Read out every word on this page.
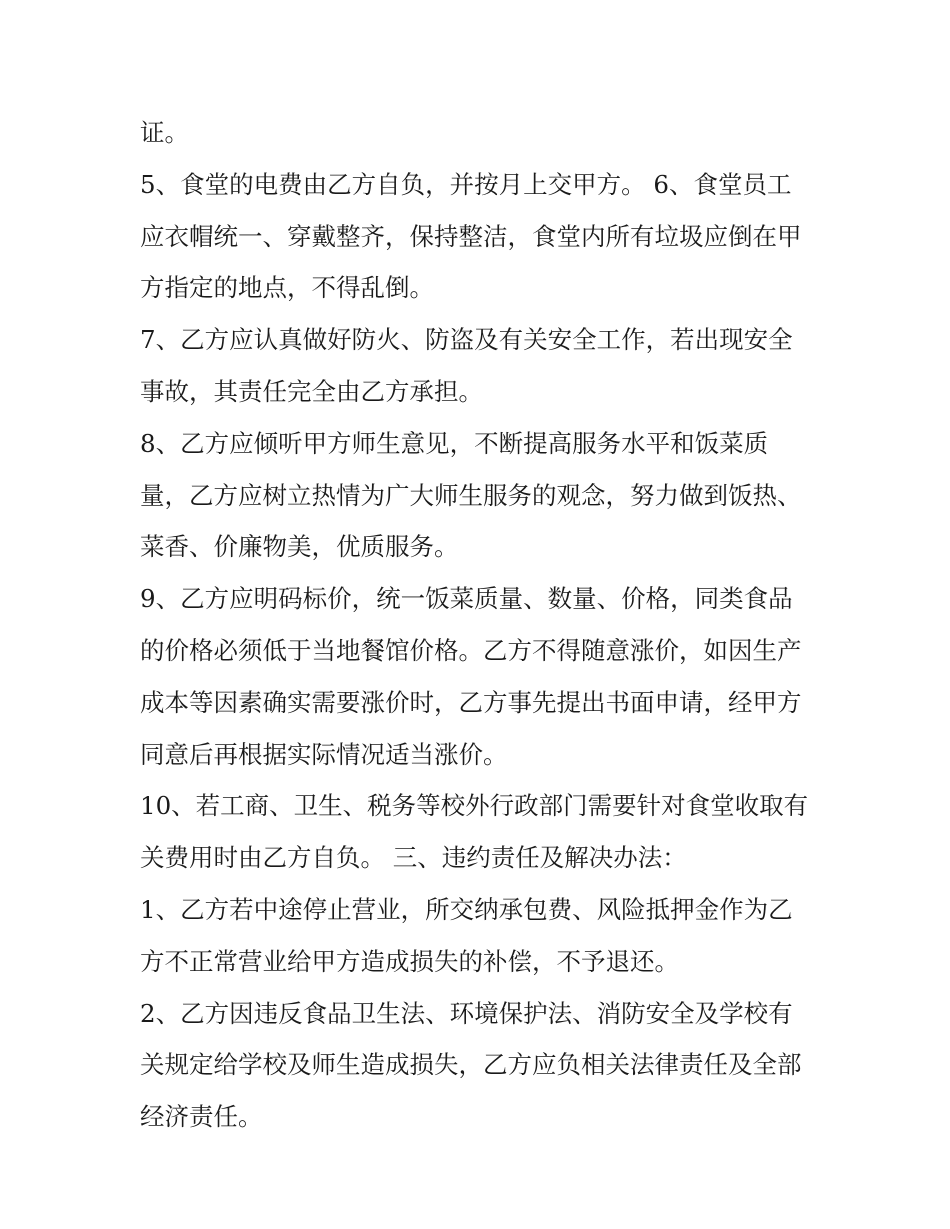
证。
5、食堂的电费由乙方自负，并按月上交甲方。 6、食堂员工
应衣帽统一、穿戴整齐，保持整洁，食堂内所有垃圾应倒在甲
方指定的地点，不得乱倒。
7、乙方应认真做好防火、防盗及有关安全工作，若出现安全
事故，其责任完全由乙方承担。
8、乙方应倾听甲方师生意见，不断提高服务水平和饭菜质
量，乙方应树立热情为广大师生服务的观念，努力做到饭热、
菜香、价廉物美，优质服务。
9、乙方应明码标价，统一饭菜质量、数量、价格，同类食品
的价格必须低于当地餐馆价格。乙方不得随意涨价，如因生产
成本等因素确实需要涨价时，乙方事先提出书面申请，经甲方
同意后再根据实际情况适当涨价。
10、若工商、卫生、税务等校外行政部门需要针对食堂收取有
关费用时由乙方自负。 三、违约责任及解决办法：
1、乙方若中途停止营业，所交纳承包费、风险抵押金作为乙
方不正常营业给甲方造成损失的补偿，不予退还。
2、乙方因违反食品卫生法、环境保护法、消防安全及学校有
关规定给学校及师生造成损失，乙方应负相关法律责任及全部
经济责任。
